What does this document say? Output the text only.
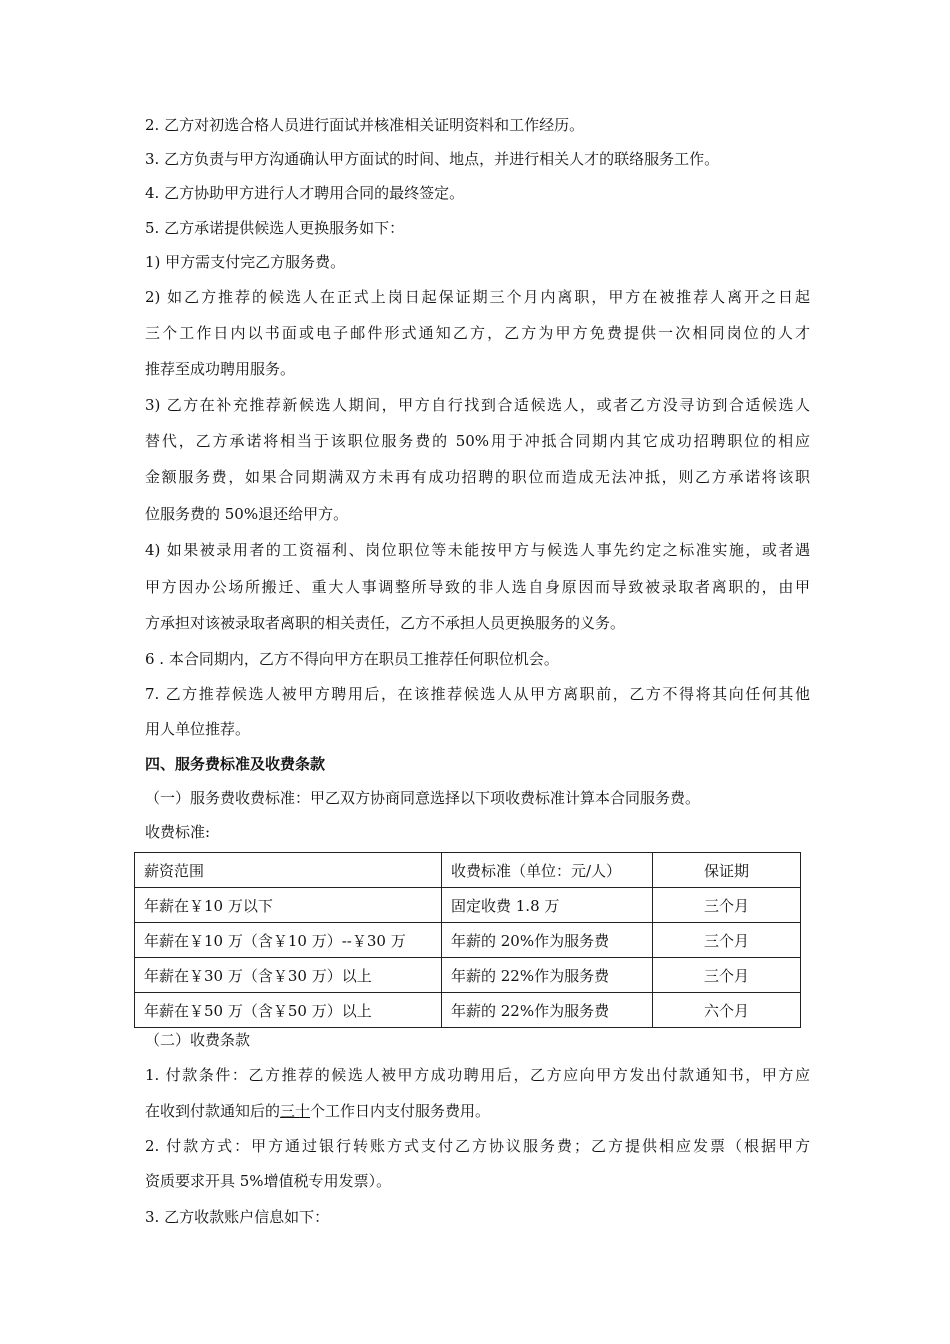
2. 乙方对初选合格人员进行面试并核准相关证明资料和工作经历。
3. 乙方负责与甲方沟通确认甲方面试的时间、地点，并进行相关人才的联络服务工作。
4. 乙方协助甲方进行人才聘用合同的最终签定。
5. 乙方承诺提供候选人更换服务如下：
1) 甲方需支付完乙方服务费。
2) 如乙方推荐的候选人在正式上岗日起保证期三个月内离职，甲方在被推荐人离开之日起
三个工作日内以书面或电子邮件形式通知乙方，乙方为甲方免费提供一次相同岗位的人才
推荐至成功聘用服务。
3) 乙方在补充推荐新候选人期间，甲方自行找到合适候选人，或者乙方没寻访到合适候选人
替代，乙方承诺将相当于该职位服务费的 50%用于冲抵合同期内其它成功招聘职位的相应
金额服务费，如果合同期满双方未再有成功招聘的职位而造成无法冲抵，则乙方承诺将该职
位服务费的 50%退还给甲方。
4) 如果被录用者的工资福利、岗位职位等未能按甲方与候选人事先约定之标准实施，或者遇
甲方因办公场所搬迁、重大人事调整所导致的非人选自身原因而导致被录取者离职的，由甲
方承担对该被录取者离职的相关责任，乙方不承担人员更换服务的义务。
6 . 本合同期内，乙方不得向甲方在职员工推荐任何职位机会。
7. 乙方推荐候选人被甲方聘用后，在该推荐候选人从甲方离职前，乙方不得将其向任何其他
用人单位推荐。
四、服务费标准及收费条款
（一）服务费收费标准：甲乙双方协商同意选择以下项收费标准计算本合同服务费。
收费标准:
薪资范围	收费标准（单位：元/人）	保证期
年薪在￥10 万以下	固定收费 1.8 万	三个月
年薪在￥10 万（含￥10 万）--￥30 万	年薪的 20%作为服务费	三个月
年薪在￥30 万（含￥30 万）以上	年薪的 22%作为服务费	三个月
年薪在￥50 万（含￥50 万）以上	年薪的 22%作为服务费	六个月
（二）收费条款
1. 付款条件：乙方推荐的候选人被甲方成功聘用后，乙方应向甲方发出付款通知书，甲方应
在收到付款通知后的三十个工作日内支付服务费用。
2. 付款方式：甲方通过银行转账方式支付乙方协议服务费；乙方提供相应发票（根据甲方
资质要求开具 5%增值税专用发票）。
3. 乙方收款账户信息如下：
